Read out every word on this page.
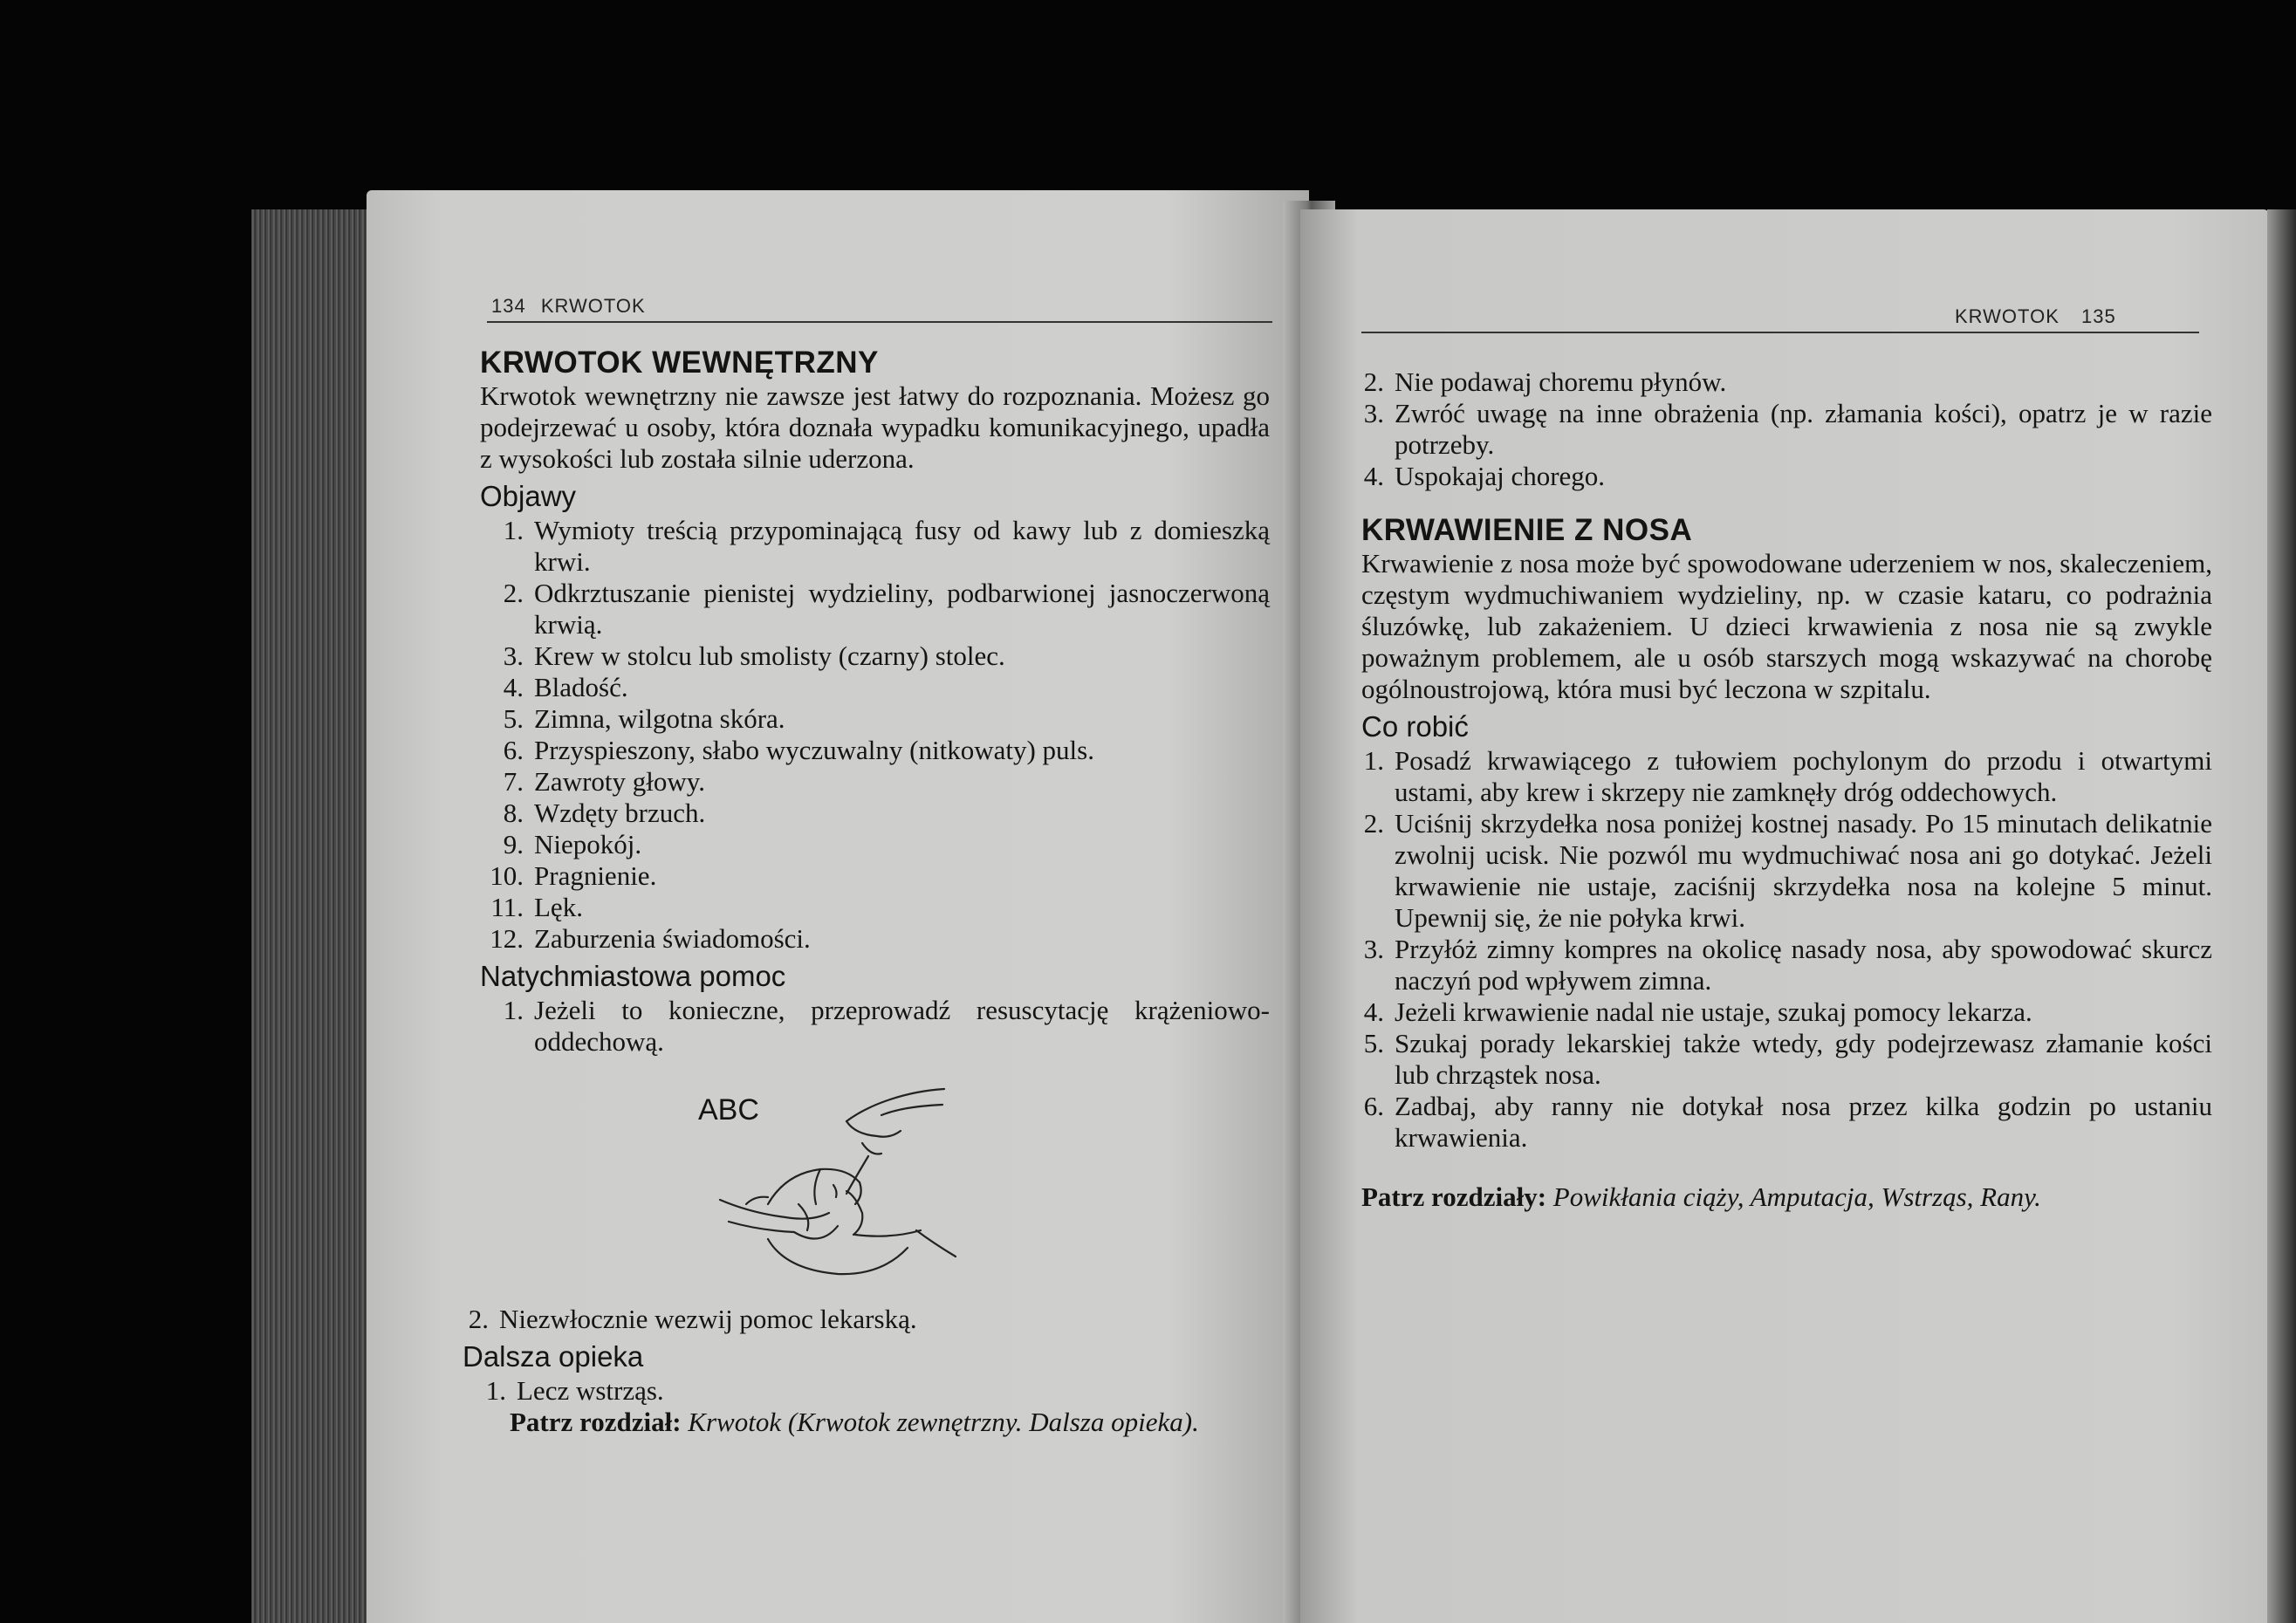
134 KRWOTOK
KRWOTOK WEWNĘTRZNY

Krwotok wewnętrzny nie zawsze jest łatwy do rozpoznania. Możesz go podejrzewać u osoby, która doznała wypadku komunikacyjnego, upadła z wysokości lub została silnie uderzona.

Objawy
1. Wymioty treścią przypominającą fusy od kawy lub z domieszką krwi.
2. Odkrztuszanie pienistej wydzieliny, podbarwionej jasnoczerwoną krwią.
3. Krew w stolcu lub smolisty (czarny) stolec.
4. Bladość.
5. Zimna, wilgotna skóra.
6. Przyspieszony, słabo wyczuwalny (nitkowaty) puls.
7. Zawroty głowy.
8. Wzdęty brzuch.
9. Niepokój.
10. Pragnienie.
11. Lęk.
12. Zaburzenia świadomości.
Natychmiastowa pomoc
1. Jeżeli to konieczne, przeprowadź resuscytację krążeniowo-oddechową.
ABC
2. Niezwłocznie wezwij pomoc lekarską.
Dalsza opieka
1. Lecz wstrząs.

Patrz rozdział: Krwotok (Krwotok zewnętrzny. Dalsza opieka).

KRWOTOK 135
2. Nie podawaj choremu płynów.
3. Zwróć uwagę na inne obrażenia (np. złamania kości), opatrz je w razie potrzeby.
4. Uspokajaj chorego.
KRWAWIENIE Z NOSA

Krwawienie z nosa może być spowodowane uderzeniem w nos, skaleczeniem, częstym wydmuchiwaniem wydzieliny, np. w czasie kataru, co podrażnia śluzówkę, lub zakażeniem. U dzieci krwawienia z nosa nie są zwykle poważnym problemem, ale u osób starszych mogą wskazywać na chorobę ogólnoustrojową, która musi być leczona w szpitalu.

Co robić
1. Posadź krwawiącego z tułowiem pochylonym do przodu i otwartymi ustami, aby krew i skrzepy nie zamknęły dróg oddechowych.
2. Uciśnij skrzydełka nosa poniżej kostnej nasady. Po 15 minutach delikatnie zwolnij ucisk. Nie pozwól mu wydmuchiwać nosa ani go dotykać. Jeżeli krwawienie nie ustaje, zaciśnij skrzydełka nosa na kolejne 5 minut. Upewnij się, że nie połyka krwi.
3. Przyłóż zimny kompres na okolicę nasady nosa, aby spowodować skurcz naczyń pod wpływem zimna.
4. Jeżeli krwawienie nadal nie ustaje, szukaj pomocy lekarza.
5. Szukaj porady lekarskiej także wtedy, gdy podejrzewasz złamanie kości lub chrząstek nosa.
6. Zadbaj, aby ranny nie dotykał nosa przez kilka godzin po ustaniu krwawienia.

Patrz rozdziały: Powikłania ciąży, Amputacja, Wstrząs, Rany.
